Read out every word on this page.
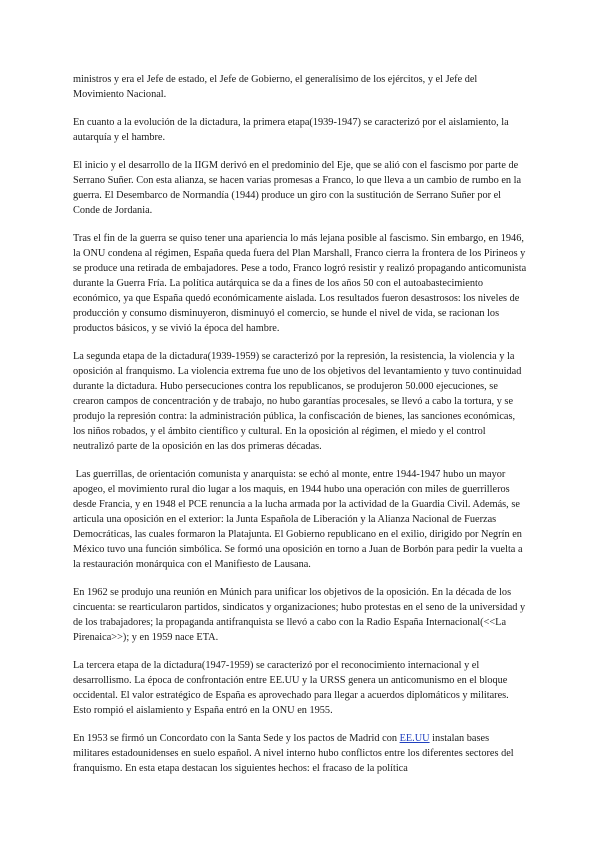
ministros y era el Jefe de estado, el Jefe de Gobierno, el generalísimo de los ejércitos, y el Jefe del Movimiento Nacional.

En cuanto a la evolución de la dictadura, la primera etapa(1939-1947) se caracterizó por el aislamiento, la autarquía y el hambre.

El inicio y el desarrollo de la IIGM derivó en el predominio del Eje, que se alió con el fascismo por parte de Serrano Suñer. Con esta alianza, se hacen varias promesas a Franco, lo que lleva a un cambio de rumbo en la guerra. El Desembarco de Normandía (1944) produce un giro con la sustitución de Serrano Suñer por el Conde de Jordania.

Tras el fin de la guerra se quiso tener una apariencia lo más lejana posible al fascismo. Sin embargo, en 1946, la ONU condena al régimen, España queda fuera del Plan Marshall, Franco cierra la frontera de los Pirineos y se produce una retirada de embajadores. Pese a todo, Franco logró resistir y realizó propagando anticomunista durante la Guerra Fría. La política autárquica se da a fines de los años 50 con el autoabastecimiento económico, ya que España quedó económicamente aislada. Los resultados fueron desastrosos: los niveles de producción y consumo disminuyeron, disminuyó el comercio, se hunde el nivel de vida, se racionan los productos básicos, y se vivió la época del hambre.

La segunda etapa de la dictadura(1939-1959) se caracterizó por la represión, la resistencia, la violencia y la oposición al franquismo. La violencia extrema fue uno de los objetivos del levantamiento y tuvo continuidad durante la dictadura. Hubo persecuciones contra los republicanos, se produjeron 50.000 ejecuciones, se crearon campos de concentración y de trabajo, no hubo garantías procesales, se llevó a cabo la tortura, y se produjo la represión contra: la administración pública, la confiscación de bienes, las sanciones económicas, los niños robados, y el ámbito científico y cultural. En la oposición al régimen, el miedo y el control neutralizó parte de la oposición en las dos primeras décadas.

Las guerrillas, de orientación comunista y anarquista: se echó al monte, entre 1944-1947 hubo un mayor apogeo, el movimiento rural dio lugar a los maquis, en 1944 hubo una operación con miles de guerrilleros desde Francia, y en 1948 el PCE renuncia a la lucha armada por la actividad de la Guardia Civil. Además, se articula una oposición en el exterior: la Junta Española de Liberación y la Alianza Nacional de Fuerzas Democráticas, las cuales formaron la Platajunta. El Gobierno republicano en el exilio, dirigido por Negrín en México tuvo una función simbólica. Se formó una oposición en torno a Juan de Borbón para pedir la vuelta a la restauración monárquica con el Manifiesto de Lausana.

En 1962 se produjo una reunión en Múnich para unificar los objetivos de la oposición. En la década de los cincuenta: se rearticularon partidos, sindicatos y organizaciones; hubo protestas en el seno de la universidad y de los trabajadores; la propaganda antifranquista se llevó a cabo con la Radio España Internacional(<<La Pirenaica>>); y en 1959 nace ETA.

La tercera etapa de la dictadura(1947-1959) se caracterizó por el reconocimiento internacional y el desarrollismo. La época de confrontación entre EE.UU y la URSS genera un anticomunismo en el bloque occidental. El valor estratégico de España es aprovechado para llegar a acuerdos diplomáticos y militares. Esto rompió el aislamiento y España entró en la ONU en 1955.

En 1953 se firmó un Concordato con la Santa Sede y los pactos de Madrid con EE.UU instalan bases militares estadounidenses en suelo español. A nivel interno hubo conflictos entre los diferentes sectores del franquismo. En esta etapa destacan los siguientes hechos: el fracaso de la política
